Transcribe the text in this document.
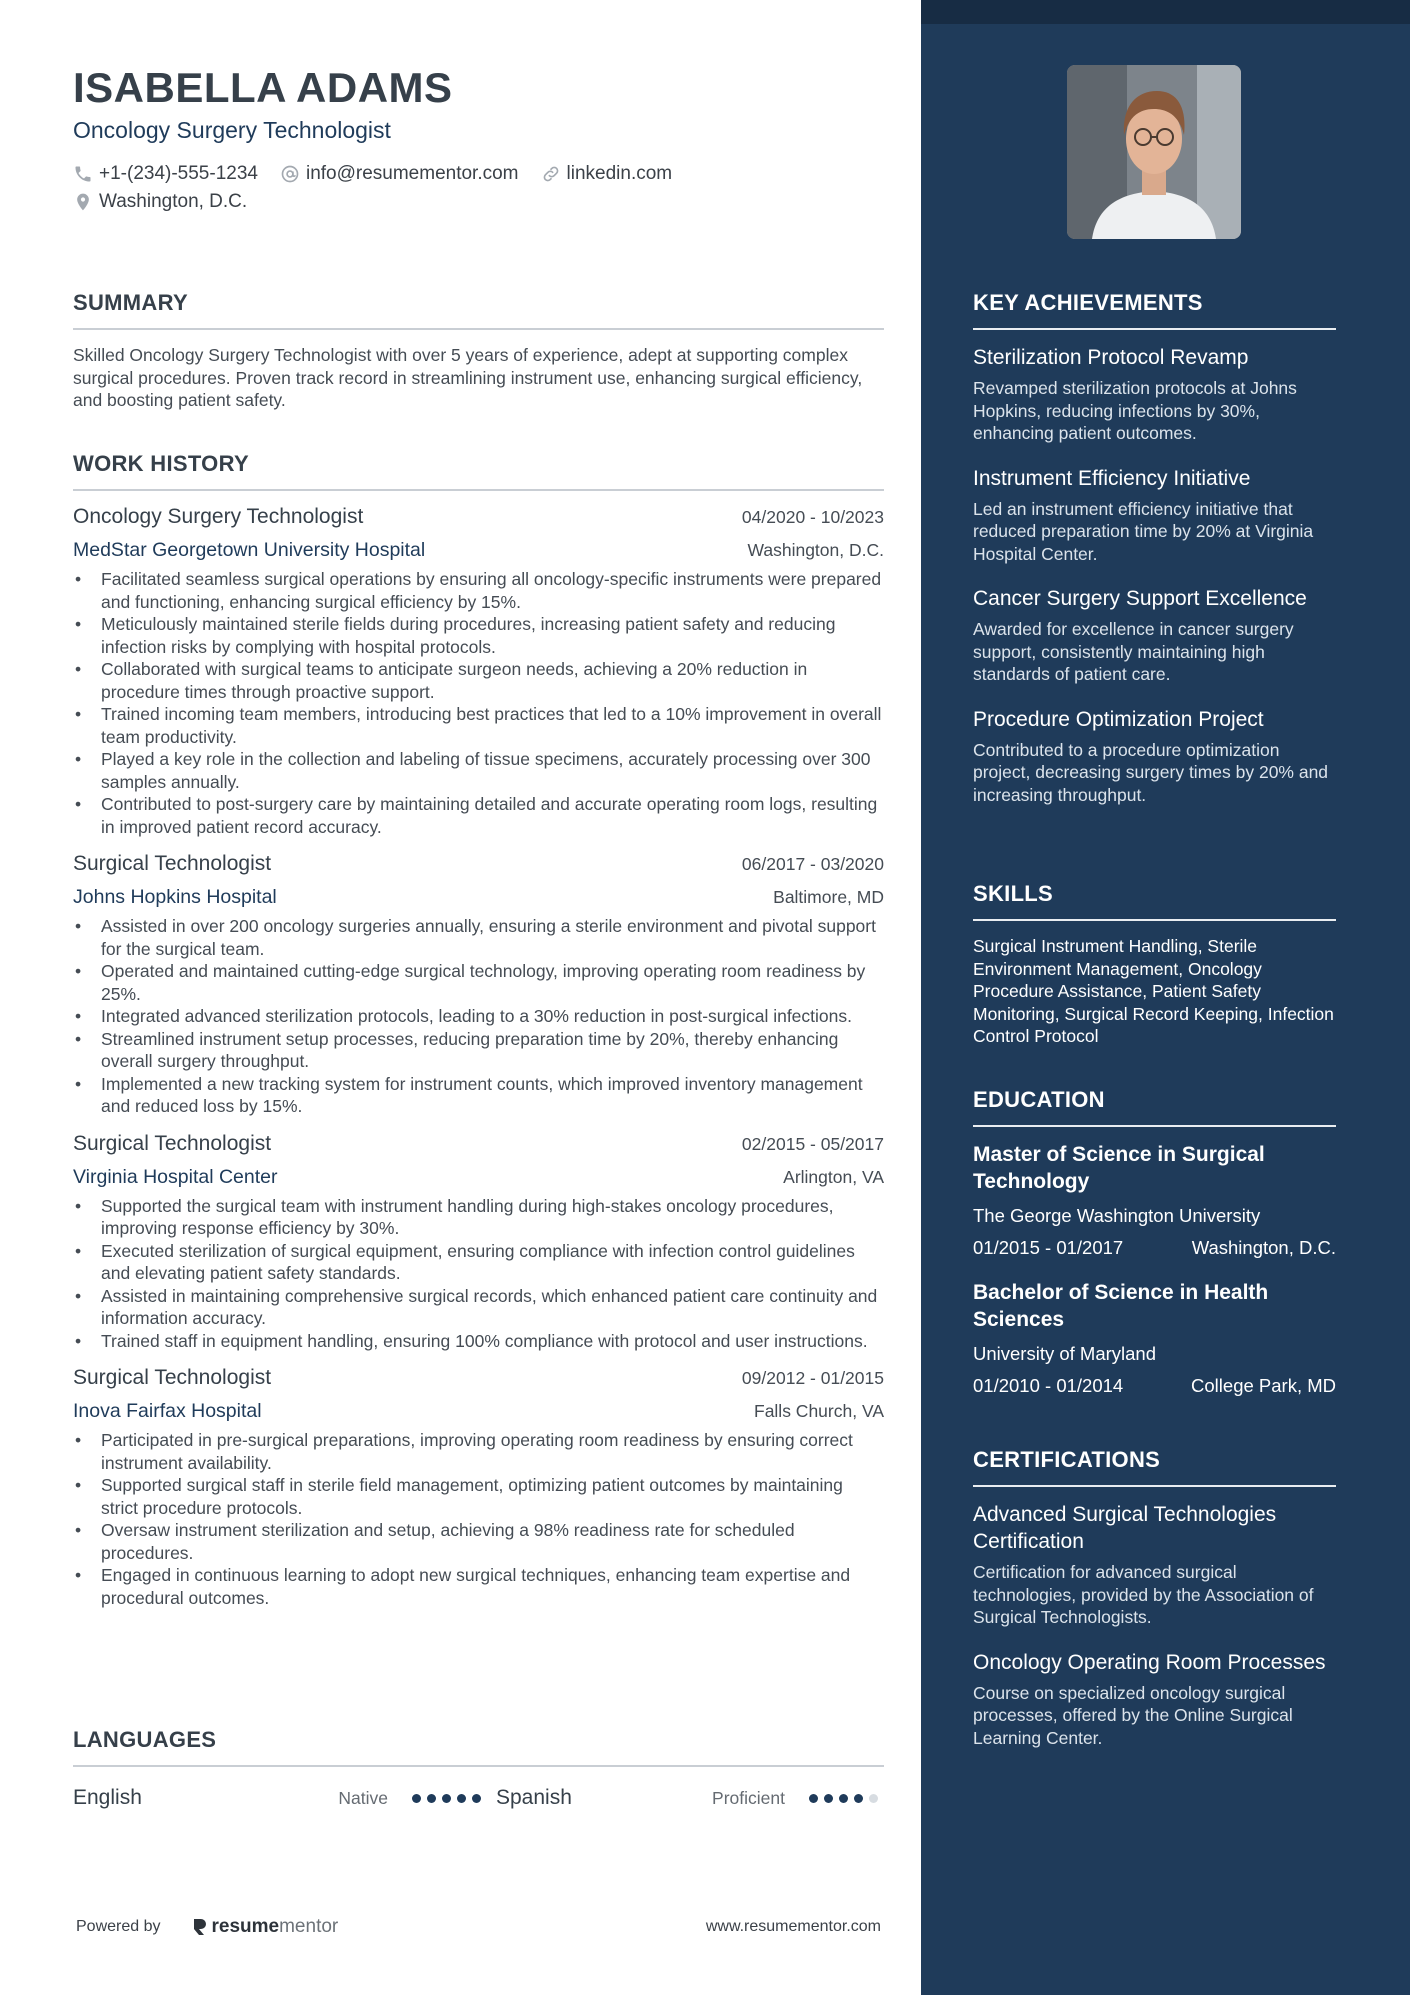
ISABELLA ADAMS
Oncology Surgery Technologist
+1-(234)-555-1234	info@resumementor.com	linkedin.com
Washington, D.C.
SUMMARY

Skilled Oncology Surgery Technologist with over 5 years of experience, adept at supporting complex surgical procedures. Proven track record in streamlining instrument use, enhancing surgical efficiency, and boosting patient safety.

WORK HISTORY
Oncology Surgery Technologist	04/2020 - 10/2023
MedStar Georgetown University Hospital	Washington, D.C.
• Facilitated seamless surgical operations by ensuring all oncology-specific instruments were prepared and functioning, enhancing surgical efficiency by 15%.
• Meticulously maintained sterile fields during procedures, increasing patient safety and reducing infection risks by complying with hospital protocols.
• Collaborated with surgical teams to anticipate surgeon needs, achieving a 20% reduction in procedure times through proactive support.
• Trained incoming team members, introducing best practices that led to a 10% improvement in overall team productivity.
• Played a key role in the collection and labeling of tissue specimens, accurately processing over 300 samples annually.
• Contributed to post-surgery care by maintaining detailed and accurate operating room logs, resulting in improved patient record accuracy.
Surgical Technologist	06/2017 - 03/2020
Johns Hopkins Hospital	Baltimore, MD
• Assisted in over 200 oncology surgeries annually, ensuring a sterile environment and pivotal support for the surgical team.
• Operated and maintained cutting-edge surgical technology, improving operating room readiness by 25%.
• Integrated advanced sterilization protocols, leading to a 30% reduction in post-surgical infections.
• Streamlined instrument setup processes, reducing preparation time by 20%, thereby enhancing overall surgery throughput.
• Implemented a new tracking system for instrument counts, which improved inventory management and reduced loss by 15%.
Surgical Technologist	02/2015 - 05/2017
Virginia Hospital Center	Arlington, VA
• Supported the surgical team with instrument handling during high-stakes oncology procedures, improving response efficiency by 30%.
• Executed sterilization of surgical equipment, ensuring compliance with infection control guidelines and elevating patient safety standards.
• Assisted in maintaining comprehensive surgical records, which enhanced patient care continuity and information accuracy.
• Trained staff in equipment handling, ensuring 100% compliance with protocol and user instructions.
Surgical Technologist	09/2012 - 01/2015
Inova Fairfax Hospital	Falls Church, VA
• Participated in pre-surgical preparations, improving operating room readiness by ensuring correct instrument availability.
• Supported surgical staff in sterile field management, optimizing patient outcomes by maintaining strict procedure protocols.
• Oversaw instrument sterilization and setup, achieving a 98% readiness rate for scheduled procedures.
• Engaged in continuous learning to adopt new surgical techniques, enhancing team expertise and procedural outcomes.
LANGUAGES
English	Native	Spanish	Proficient
Powered by	resume mentor	www.resumementor.com
KEY ACHIEVEMENTS
Sterilization Protocol Revamp
Revamped sterilization protocols at Johns Hopkins, reducing infections by 30%, enhancing patient outcomes.
Instrument Efficiency Initiative
Led an instrument efficiency initiative that reduced preparation time by 20% at Virginia Hospital Center.
Cancer Surgery Support Excellence
Awarded for excellence in cancer surgery support, consistently maintaining high standards of patient care.
Procedure Optimization Project
Contributed to a procedure optimization project, decreasing surgery times by 20% and increasing throughput.
SKILLS
Surgical Instrument Handling, Sterile Environment Management, Oncology Procedure Assistance, Patient Safety Monitoring, Surgical Record Keeping, Infection Control Protocol
EDUCATION
Master of Science in Surgical Technology
The George Washington University
01/2015 - 01/2017	Washington, D.C.
Bachelor of Science in Health Sciences
University of Maryland
01/2010 - 01/2014	College Park, MD
CERTIFICATIONS
Advanced Surgical Technologies Certification
Certification for advanced surgical technologies, provided by the Association of Surgical Technologists.
Oncology Operating Room Processes
Course on specialized oncology surgical processes, offered by the Online Surgical Learning Center.
